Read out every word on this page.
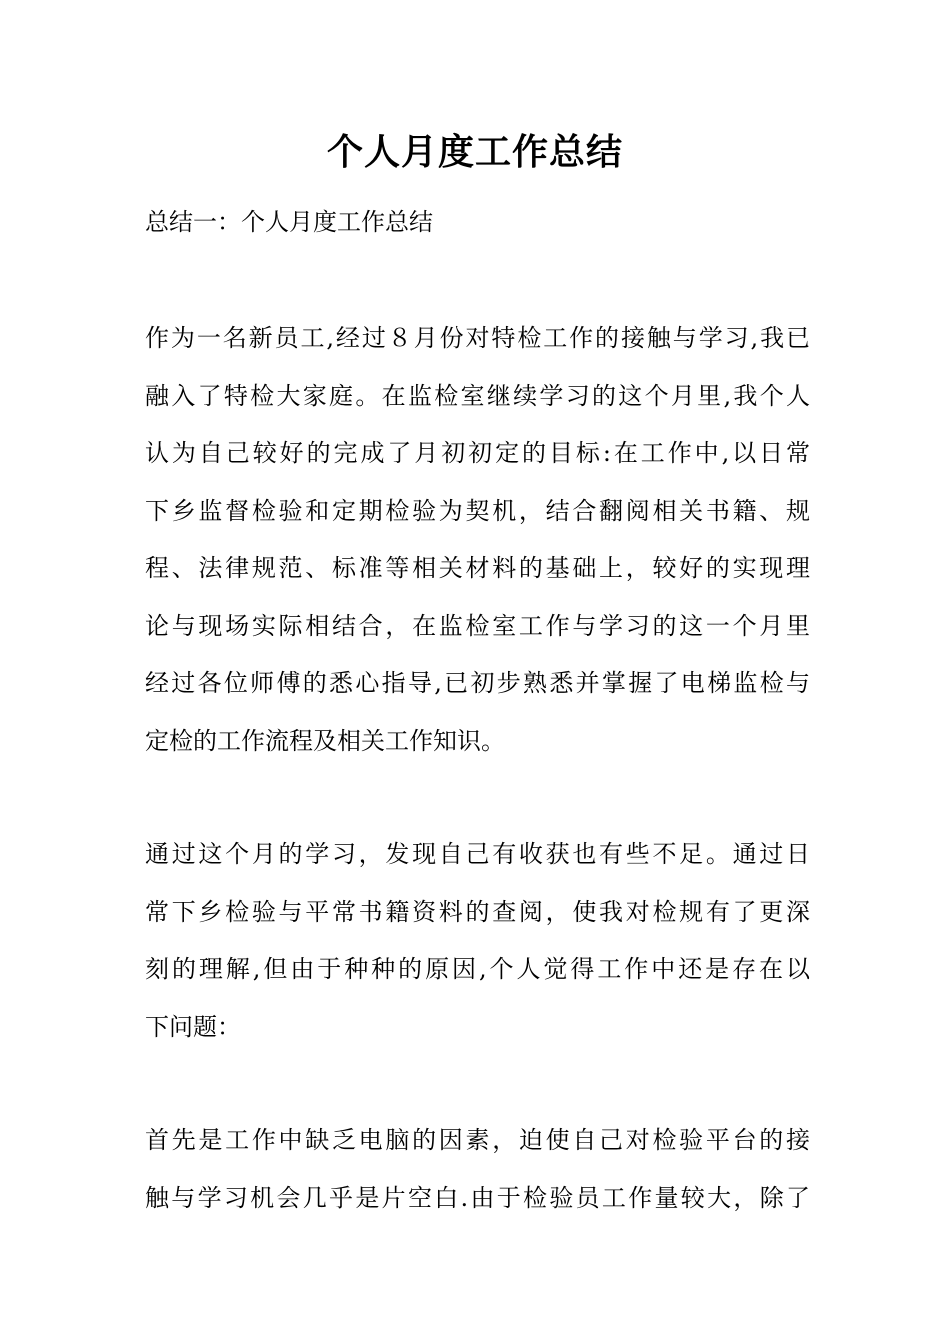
个人月度工作总结
总结一：个人月度工作总结
作为一名新员工,经过８月份对特检工作的接触与学习,我已
融入了特检大家庭。在监检室继续学习的这个月里,我个人
认为自己较好的完成了月初初定的目标:在工作中,以日常
下乡监督检验和定期检验为契机，结合翻阅相关书籍、规
程、法律规范、标准等相关材料的基础上，较好的实现理
论与现场实际相结合，在监检室工作与学习的这一个月里
经过各位师傅的悉心指导,已初步熟悉并掌握了电梯监检与
定检的工作流程及相关工作知识。
通过这个月的学习，发现自己有收获也有些不足。通过日
常下乡检验与平常书籍资料的查阅，使我对检规有了更深
刻的理解,但由于种种的原因,个人觉得工作中还是存在以
下问题：
首先是工作中缺乏电脑的因素，迫使自己对检验平台的接
触与学习机会几乎是片空白.由于检验员工作量较大，除了
